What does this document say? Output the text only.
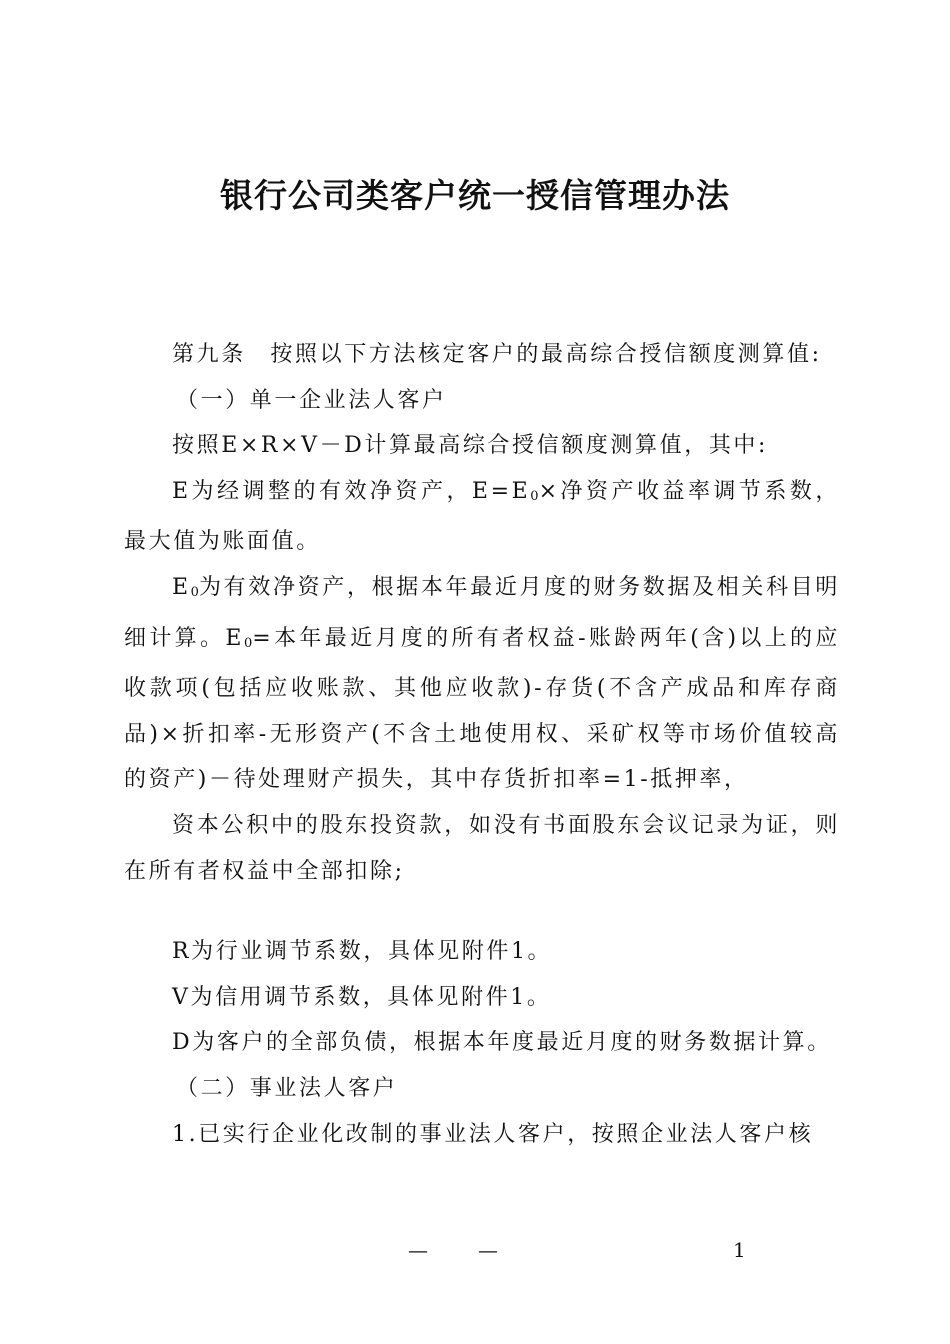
银行公司类客户统一授信管理办法

第九条　按照以下方法核定客户的最高综合授信额度测算值:

（一）单一企业法人客户

按照E×R×V－D计算最高综合授信额度测算值，其中:

E为经调整的有效净资产，$E=E_0\times$净资产收益率调节系数，最大值为账面值。

$E_0$为有效净资产，根据本年最近月度的财务数据及相关科目明细计算。$E_0=$本年最近月度的所有者权益-账龄两年(含)以上的应收款项(包括应收账款、其他应收款)-存货(不含产成品和库存商品)×折扣率-无形资产(不含土地使用权、采矿权等市场价值较高的资产)－待处理财产损失，其中存货折扣率=1-抵押率，

资本公积中的股东投资款，如没有书面股东会议记录为证，则在所有者权益中全部扣除;

R为行业调节系数，具体见附件1。

V为信用调节系数，具体见附件1。

D为客户的全部负债，根据本年度最近月度的财务数据计算。

（二）事业法人客户

1.已实行企业化改制的事业法人客户，按照企业法人客户核

—	—	1
